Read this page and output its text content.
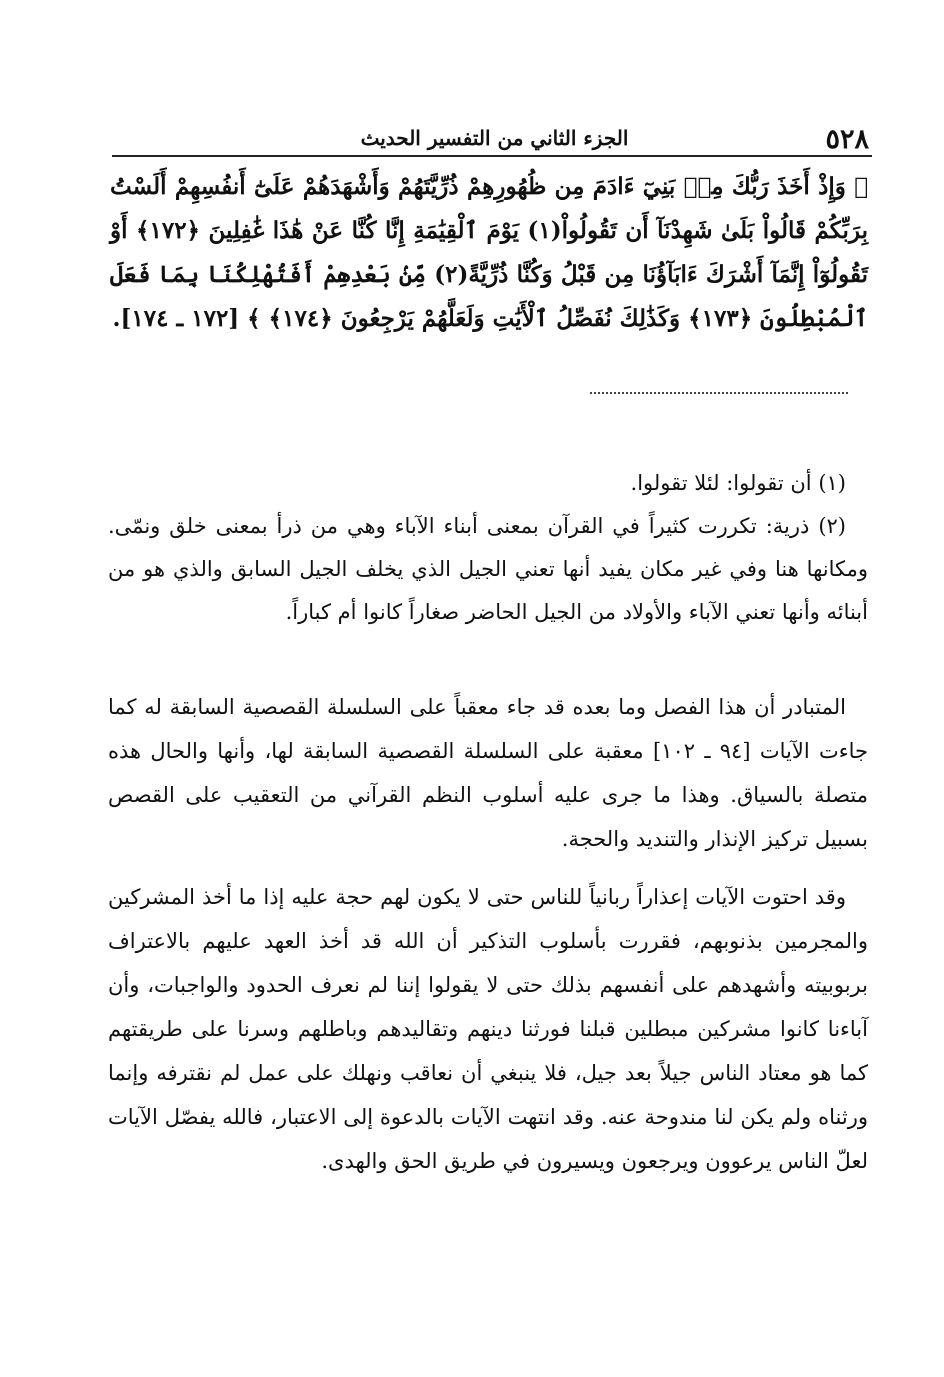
٥٢٨
الجزء الثاني من التفسير الحديث
﴿ وَإِذْ أَخَذَ رَبُّكَ مِنۢ بَنِيٓ ءَادَمَ مِن ظُهُورِهِمْ ذُرِّيَّتَهُمْ وَأَشْهَدَهُمْ عَلَىٰٓ أَنفُسِهِمْ أَلَسْتُ بِرَبِّكُمْ قَالُواْ بَلَىٰ شَهِدْنَآ أَن تَقُولُواْ(١) يَوْمَ ٱلْقِيَٰمَةِ إِنَّا كُنَّا عَنْ هَٰذَا غَٰفِلِينَ ﴿١٧٢﴾ أَوْ تَقُولُوٓاْ إِنَّمَآ أَشْرَكَ ءَابَآؤُنَا مِن قَبْلُ وَكُنَّا ذُرِّيَّةً(٢) مِّنۢ بَعْدِهِمْ أَفَتُهْلِكُنَا بِمَا فَعَلَ ٱلْمُبْطِلُونَ ﴿١٧٣﴾ وَكَذَٰلِكَ نُفَصِّلُ ٱلْأَيَٰتِ وَلَعَلَّهُمْ يَرْجِعُونَ ﴿١٧٤﴾ ﴾ [١٧٢ ـ ١٧٤].

(١) أن تقولوا: لئلا تقولوا.

(٢) ذرية: تكررت كثيراً في القرآن بمعنى أبناء الآباء وهي من ذرأ بمعنى خلق ونمّى. ومكانها هنا وفي غير مكان يفيد أنها تعني الجيل الذي يخلف الجيل السابق والذي هو من أبنائه وأنها تعني الآباء والأولاد من الجيل الحاضر صغاراً كانوا أم كباراً.

المتبادر أن هذا الفصل وما بعده قد جاء معقباً على السلسلة القصصية السابقة له كما جاءت الآيات [٩٤ ـ ١٠٢] معقبة على السلسلة القصصية السابقة لها، وأنها والحال هذه متصلة بالسياق. وهذا ما جرى عليه أسلوب النظم القرآني من التعقيب على القصص بسبيل تركيز الإنذار والتنديد والحجة.

وقد احتوت الآيات إعذاراً ربانياً للناس حتى لا يكون لهم حجة عليه إذا ما أخذ المشركين والمجرمين بذنوبهم، فقررت بأسلوب التذكير أن الله قد أخذ العهد عليهم بالاعتراف بربوبيته وأشهدهم على أنفسهم بذلك حتى لا يقولوا إننا لم نعرف الحدود والواجبات، وأن آباءنا كانوا مشركين مبطلين قبلنا فورثنا دينهم وتقاليدهم وباطلهم وسرنا على طريقتهم كما هو معتاد الناس جيلاً بعد جيل، فلا ينبغي أن نعاقب ونهلك على عمل لم نقترفه وإنما ورثناه ولم يكن لنا مندوحة عنه. وقد انتهت الآيات بالدعوة إلى الاعتبار، فالله يفصّل الآيات لعلّ الناس يرعوون ويرجعون ويسيرون في طريق الحق والهدى.
